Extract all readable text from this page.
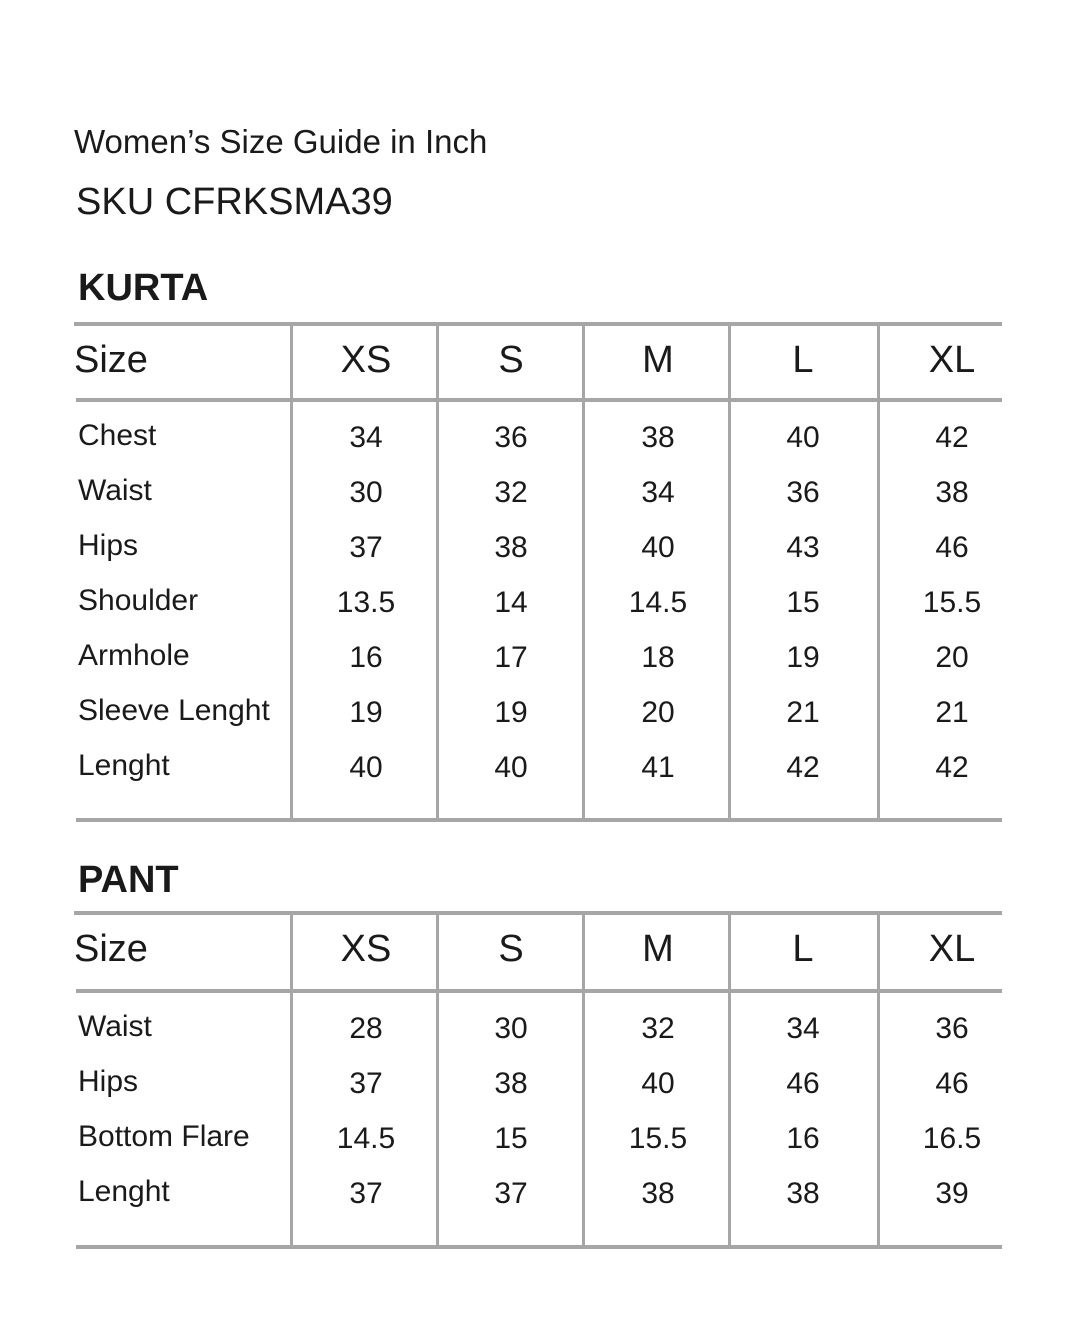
Women’s Size Guide in Inch
SKU CFRKSMA39
KURTA
Size	XS	S	M	L	XL
Chest	34	36	38	40	42
Waist	30	32	34	36	38
Hips	37	38	40	43	46
Shoulder	13.5	14	14.5	15	15.5
Armhole	16	17	18	19	20
Sleeve Lenght	19	19	20	21	21
Lenght	40	40	41	42	42
PANT
Size	XS	S	M	L	XL
Waist	28	30	32	34	36
Hips	37	38	40	46	46
Bottom Flare	14.5	15	15.5	16	16.5
Lenght	37	37	38	38	39
